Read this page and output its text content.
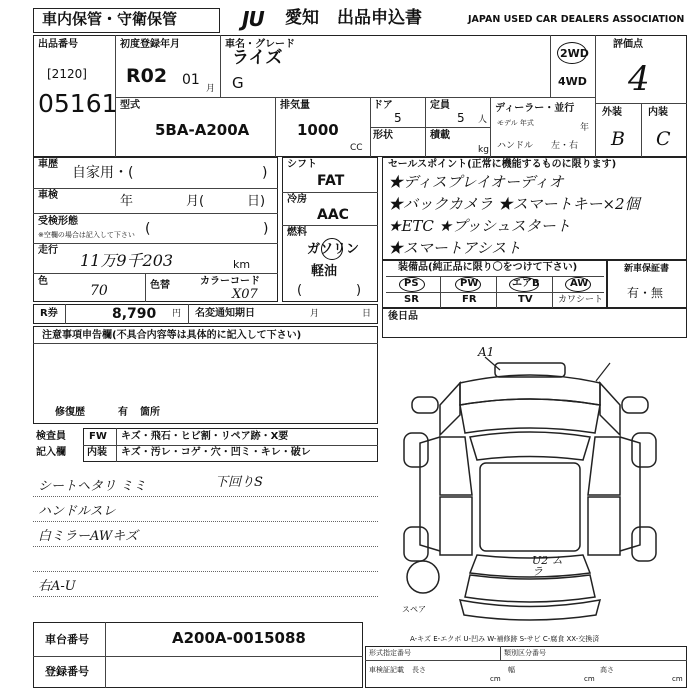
車内保管・守衛保管	JU 愛知 出品申込書	JAPAN USED CAR DEALERS ASSOCIATION
出品番号
[2120]
05161
初度登録年月
R02 01
月
車名・グレード
ライズ
G
2WD
4WD
評価点
4
外装	内装
B C
型式
5BA-A200A
排気量
1000
CC
ドア
5
定員
5 人
形状	積載
kg
ディーラー・並行
モデル 年式	年
ハンドル 左・右
車歴
自家用・(	)
車検	年	月(	日)
受検形態
※空欄の場合は記入して下さい (	)
走行
11万9千203	km
色
70	色替	カラーコード
X07
シフト
FAT
冷房
AAC
燃料
ガソリン
軽油
(	)
セールスポイント(正常に機能するものに限ります)
★ディスプレイオーディオ
★バックカメラ ★スマートキー×2個
★ETC ★プッシュスタート
★スマートアシスト
装備品(純正品に限り〇をつけて下さい)
PS	PW	エアB	AW
SR	FR	TV	カワシート
新車保証書
有・無
R券	8,790 円 名変通知期日	月	日 後日品
注意事項申告欄(不具合内容等は具体的に記入して下さい)
修復歴	有 箇所
検査員
記入欄
FW キズ・飛石・ヒビ割・リペア跡・X要
内装 キズ・汚レ・コゲ・穴・凹ミ・キレ・破レ
シートヘタリ ミミ	下回りS
ハンドルスレ
白ミラーAWキズ
右A-U
A1
U2 ムラ
スペア
A-キズ E-エクボ U-凹み W-補修跡 S-サビ C-腐食 XX-交換済
車台番号	A200A-0015088
登録番号
形式指定番号	類別区分番号
車検証記載 長さ	幅	高さ
cm	cm	cm
